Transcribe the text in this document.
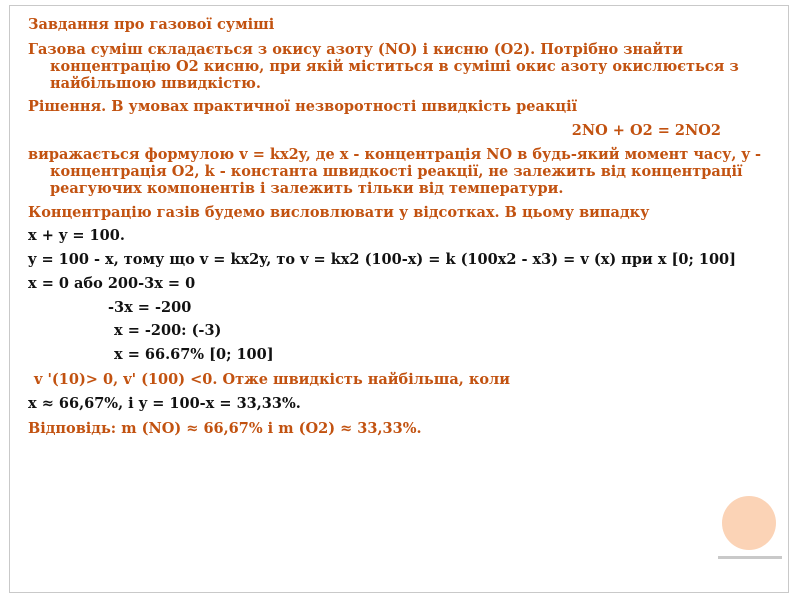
Завдання про газової суміші

Газова суміш складається з окису азоту (NO) і кисню (O2). Потрібно знайти концентрацію O2 кисню, при якій міститься в суміші окис азоту окислюється з найбільшою швидкістю.

Рішення. В умовах практичної незворотності швидкість реакції

2NO + O2 = 2NO2

виражається формулою v = kx2y, де x - концентрація NO в будь-який момент часу, y - концентрація O2, k - константа швидкості реакції, не залежить від концентрації реагуючих компонентів і залежить тільки від температури.

Концентрацію газів будемо висловлювати у відсотках. В цьому випадку

x + y = 100.

y = 100 - x, тому що v = kx2y, то v = kx2 (100-x) = k (100x2 - x3) = v (x) при x [0; 100]

x = 0 або 200-3x = 0

-3x = -200

x = -200: (-3)

x = 66.67% [0; 100]

v '(10)> 0, v' (100) <0. Отже швидкість найбільша, коли

x ≈ 66,67%, і y = 100-x = 33,33%.

Відповідь: m (NO) ≈ 66,67% і m (O2) ≈ 33,33%.
